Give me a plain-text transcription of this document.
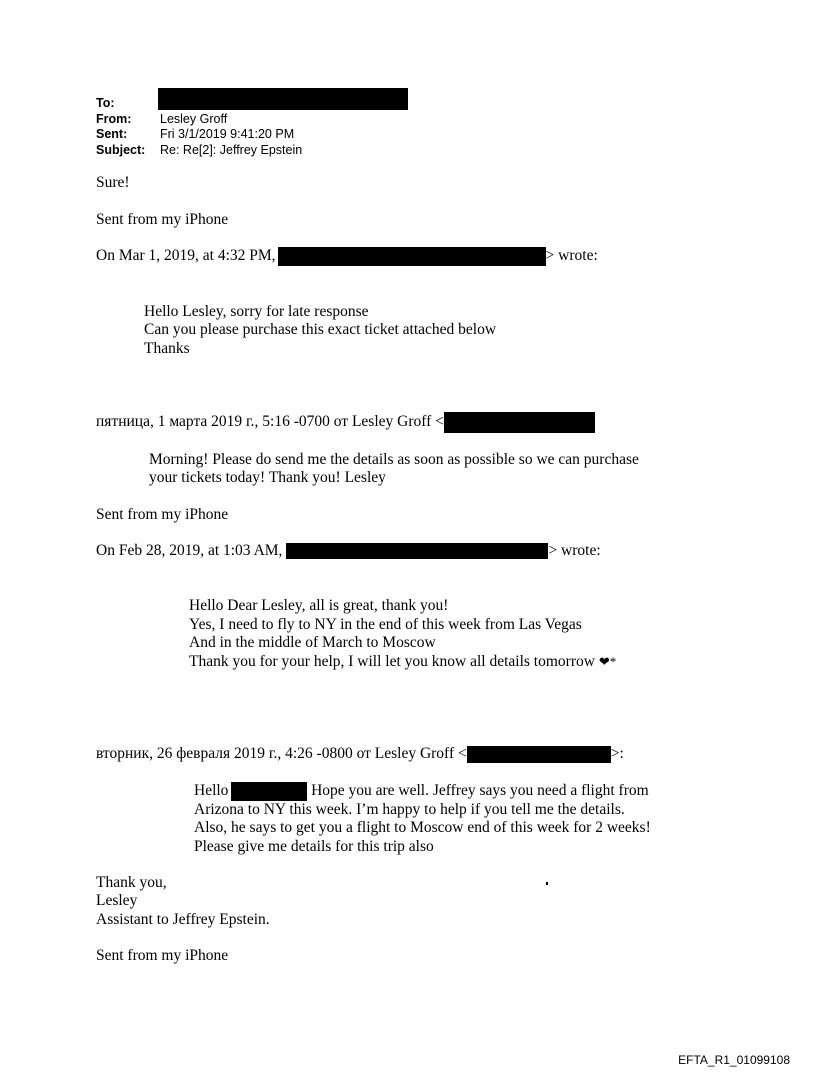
To:
From:	Lesley Groff
Sent:	Fri 3/1/2019 9:41:20 PM
Subject:	Re: Re[2]: Jeffrey Epstein
Sure!
Sent from my iPhone
On Mar 1, 2019, at 4:32 PM,	> wrote:
Hello Lesley, sorry for late response
Can you please purchase this exact ticket attached below
Thanks
пятница, 1 марта 2019 г., 5:16 -0700 от Lesley Groff <
Morning! Please do send me the details as soon as possible so we can purchase
your tickets today! Thank you! Lesley
Sent from my iPhone
On Feb 28, 2019, at 1:03 AM,	> wrote:
Hello Dear Lesley, all is great, thank you!
Yes, I need to fly to NY in the end of this week from Las Vegas
And in the middle of March to Moscow
Thank you for your help, I will let you know all details tomorrow ❤*
вторник, 26 февраля 2019 г., 4:26 -0800 от Lesley Groff <	>:
Hello	. Hope you are well. Jeffrey says you need a flight from
Arizona to NY this week. I’m happy to help if you tell me the details.
Also, he says to get you a flight to Moscow end of this week for 2 weeks!
Please give me details for this trip also
Thank you,
Lesley
Assistant to Jeffrey Epstein.
Sent from my iPhone
EFTA_R1_01099108
